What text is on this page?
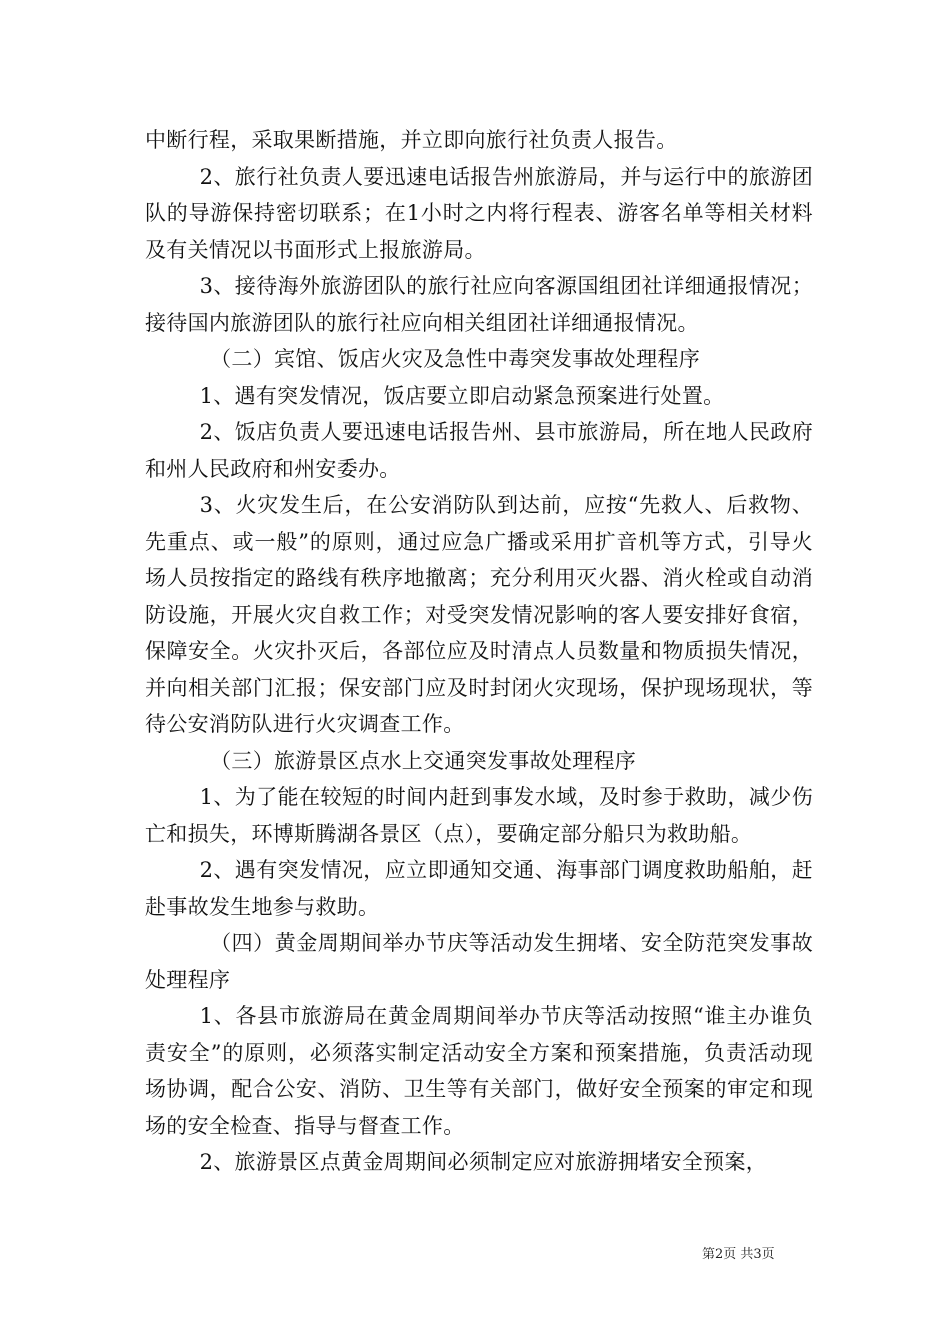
中断行程，采取果断措施，并立即向旅行社负责人报告。

2、旅行社负责人要迅速电话报告州旅游局，并与运行中的旅游团队的导游保持密切联系；在1小时之内将行程表、游客名单等相关材料及有关情况以书面形式上报旅游局。

3、接待海外旅游团队的旅行社应向客源国组团社详细通报情况；接待国内旅游团队的旅行社应向相关组团社详细通报情况。

（二）宾馆、饭店火灾及急性中毒突发事故处理程序

1、遇有突发情况，饭店要立即启动紧急预案进行处置。

2、饭店负责人要迅速电话报告州、县市旅游局，所在地人民政府和州人民政府和州安委办。

3、火灾发生后，在公安消防队到达前，应按“先救人、后救物、先重点、或一般”的原则，通过应急广播或采用扩音机等方式，引导火场人员按指定的路线有秩序地撤离；充分利用灭火器、消火栓或自动消防设施，开展火灾自救工作；对受突发情况影响的客人要安排好食宿，保障安全。火灾扑灭后，各部位应及时清点人员数量和物质损失情况，并向相关部门汇报；保安部门应及时封闭火灾现场，保护现场现状，等待公安消防队进行火灾调查工作。

（三）旅游景区点水上交通突发事故处理程序

1、为了能在较短的时间内赶到事发水域，及时参于救助，减少伤亡和损失，环博斯腾湖各景区（点），要确定部分船只为救助船。

2、遇有突发情况，应立即通知交通、海事部门调度救助船舶，赶赴事故发生地参与救助。

（四）黄金周期间举办节庆等活动发生拥堵、安全防范突发事故处理程序

1、各县市旅游局在黄金周期间举办节庆等活动按照“谁主办谁负责安全”的原则，必须落实制定活动安全方案和预案措施，负责活动现场协调，配合公安、消防、卫生等有关部门，做好安全预案的审定和现场的安全检查、指导与督查工作。

2、旅游景区点黄金周期间必须制定应对旅游拥堵安全预案，

第2页 共3页
